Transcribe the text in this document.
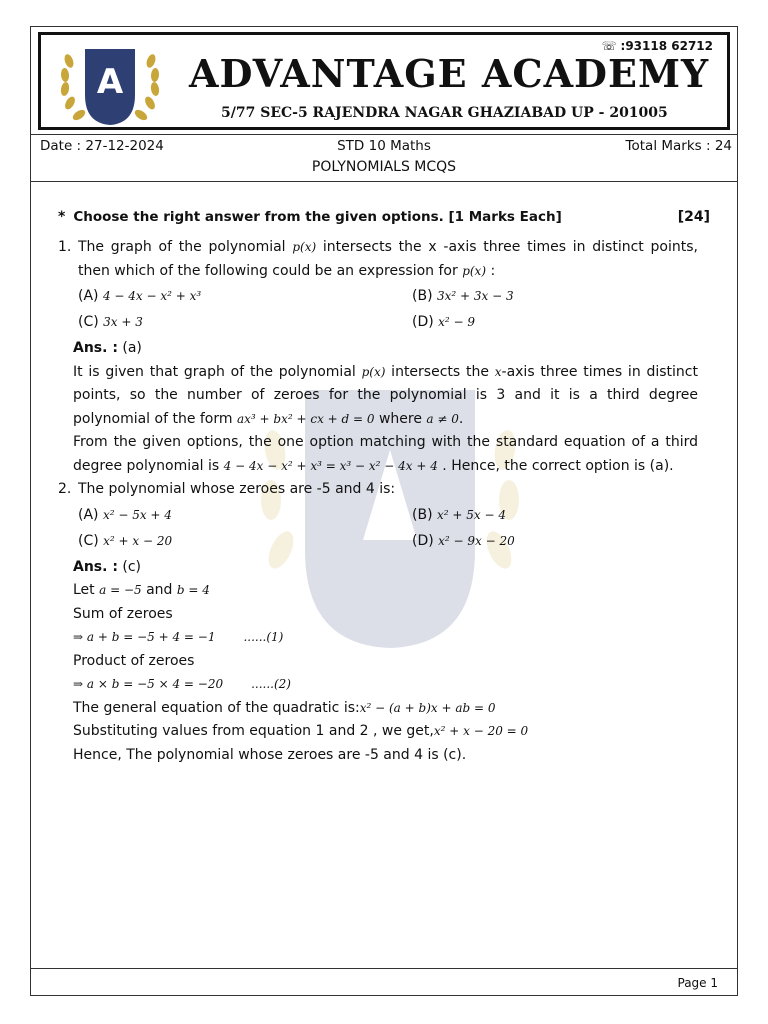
A
☏ :93118 62712
ADVANTAGE ACADEMY
5/77 SEC-5 RAJENDRA NAGAR GHAZIABAD UP - 201005
Date : 27-12-2024	STD 10 Maths	Total Marks : 24
POLYNOMIALS MCQS
* Choose the right answer from the given options. [1 Marks Each]	[24]
1. The graph of the polynomial p(x) intersects the x -axis three times in distinct points, then which of the following could be an expression for p(x) :
(A) 4 − 4x − x² + x³	(B) 3x² + 3x − 3
(C) 3x + 3	(D) x² − 9
Ans. : (a)
It is given that graph of the polynomial p(x) intersects the x-axis three times in distinct points, so the number of zeroes for the polynomial is 3 and it is a third degree polynomial of the form ax³ + bx² + cx + d = 0 where a ≠ 0.
From the given options, the one option matching with the standard equation of a third degree polynomial is 4 − 4x − x² + x³ = x³ − x² − 4x + 4 . Hence, the correct option is (a).
2. The polynomial whose zeroes are -5 and 4 is:
(A) x² − 5x + 4	(B) x² + 5x − 4
(C) x² + x − 20	(D) x² − 9x − 20
Ans. : (c)
Let a = −5 and b = 4
Sum of zeroes
⇒ a + b = −5 + 4 = −1 ......(1)
Product of zeroes
⇒ a × b = −5 × 4 = −20 ......(2)
The general equation of the quadratic is:x² − (a + b)x + ab = 0
Substituting values from equation 1 and 2 , we get,x² + x − 20 = 0
Hence, The polynomial whose zeroes are -5 and 4 is (c).
Page 1
